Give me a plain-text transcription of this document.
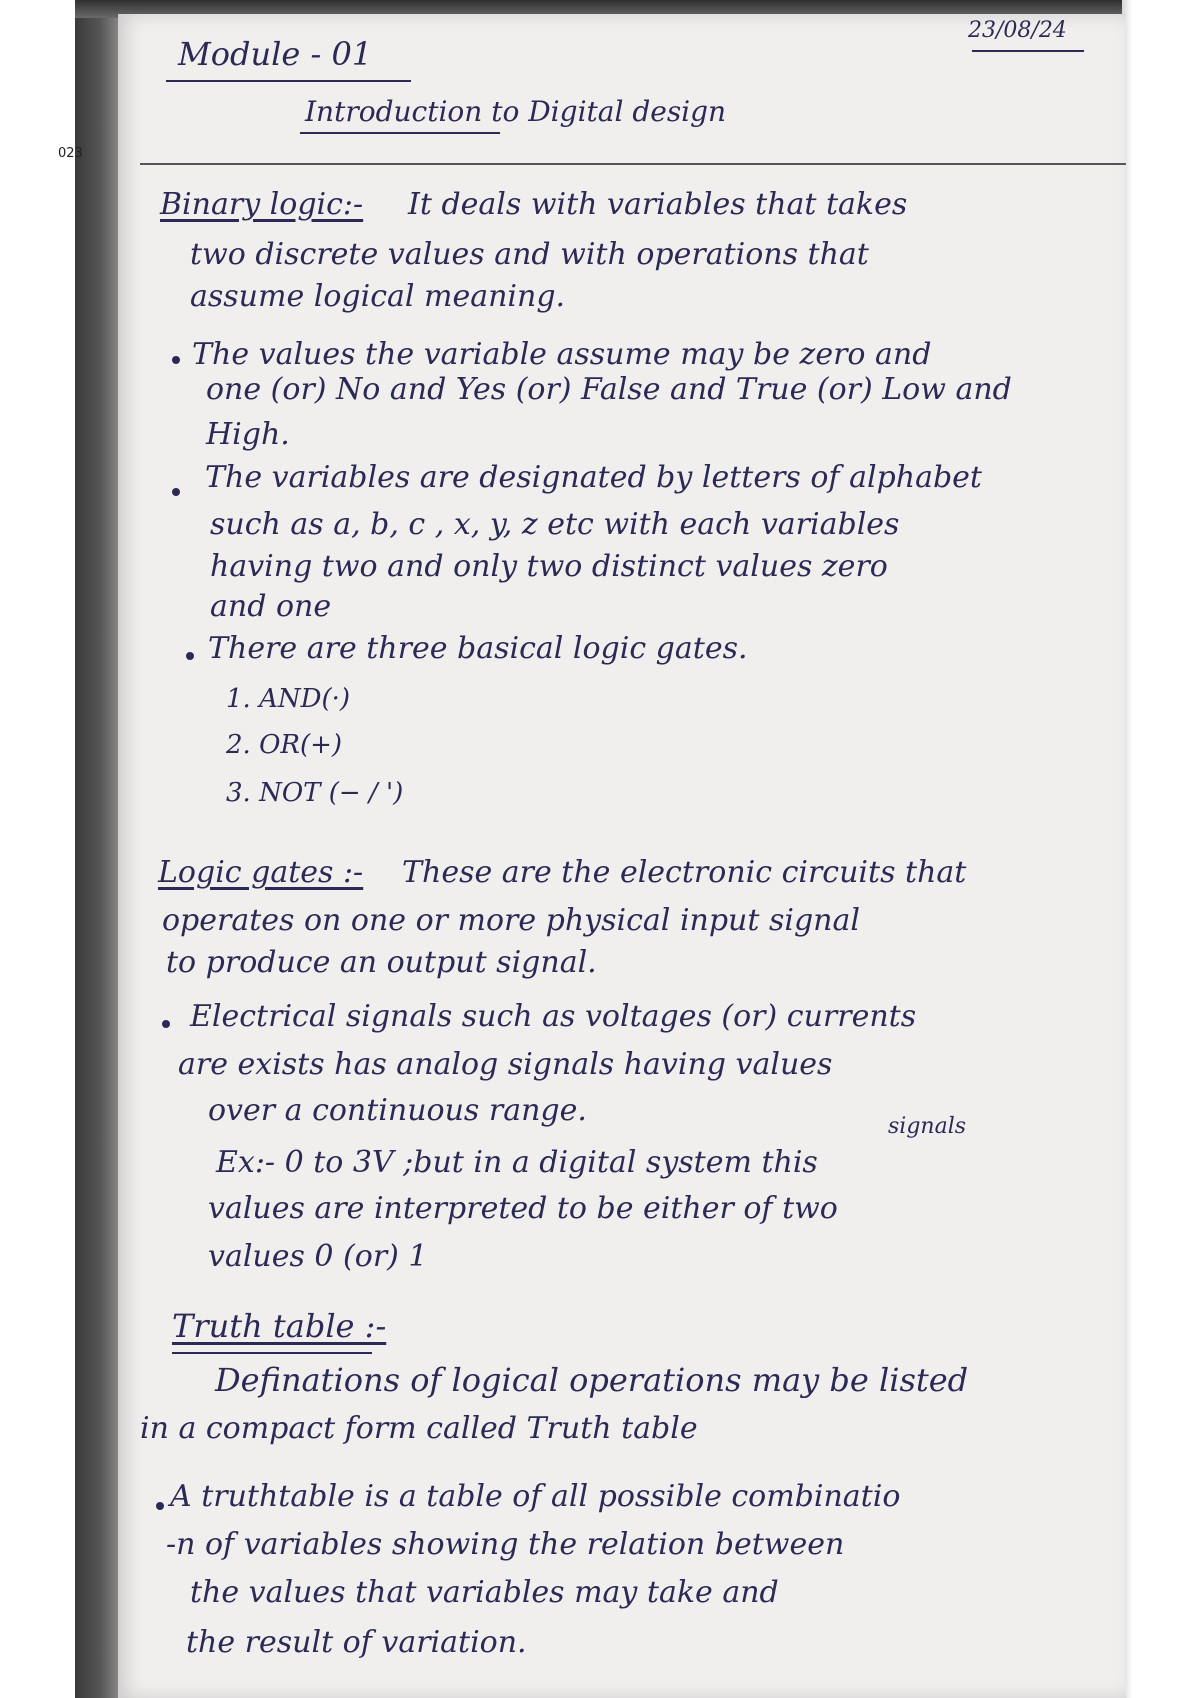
023

23/08/24

Module - 01

Introduction to Digital design

Binary logic:- It deals with variables that takes

two discrete values and with operations that

assume logical meaning.

The values the variable assume may be zero and

one (or) No and Yes (or) False and True (or) Low and

High.

The variables are designated by letters of alphabet

such as a, b, c , x, y, z etc with each variables

having two and only two distinct values zero

and one

There are three basical logic gates.

1. AND(·)

2. OR(+)

3. NOT (− / ')

Logic gates :- These are the electronic circuits that

operates on one or more physical input signal

to produce an output signal.

Electrical signals such as voltages (or) currents

are exists has analog signals having values

over a continuous range.	signals

Ex:- 0 to 3V ;but in a digital system this

values are interpreted to be either of two

values 0 (or) 1

Truth table :-

Definations of logical operations may be listed

in a compact form called Truth table

A truthtable is a table of all possible combinatio

-n of variables showing the relation between

the values that variables may take and

the result of variation.
